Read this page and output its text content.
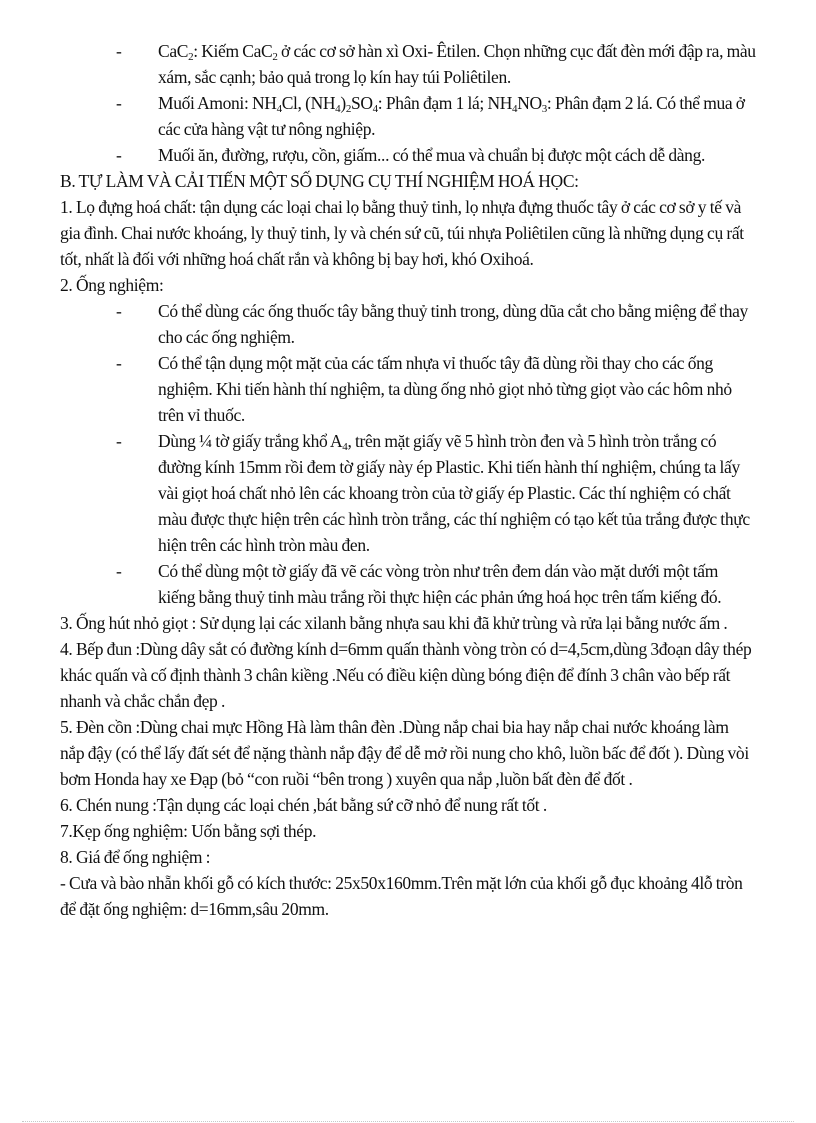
- CaC$_2$: Kiếm CaC$_2$ ở các cơ sở hàn xì Oxi- Êtilen. Chọn những cục đất đèn mới đập ra, màu xám, sắc cạnh; bảo quả trong lọ kín hay túi Poliêtilen.
- Muối Amoni: $NH_4Cl$, $(NH_4)_2SO_4$: Phân đạm 1 lá; $NH_4NO_3$: Phân đạm 2 lá. Có thể mua ở các cửa hàng vật tư nông nghiệp.
- Muối ăn, đường, rượu, cồn, giấm... có thể mua và chuẩn bị được một cách dễ dàng.
B. TỰ LÀM VÀ CẢI TIẾN MỘT SỐ DỤNG CỤ THÍ NGHIỆM HOÁ HỌC:
1. Lọ đựng hoá chất: tận dụng các loại chai lọ bằng thuỷ tinh, lọ nhựa đựng thuốc tây ở các cơ sở y tế và gia đình. Chai nước khoáng, ly thuỷ tinh, ly và chén sứ cũ, túi nhựa Poliêtilen cũng là những dụng cụ rất tốt, nhất là đối với những hoá chất rắn và không bị bay hơi, khó Oxihoá.
2. Ống nghiệm:
- Có thể dùng các ống thuốc tây bằng thuỷ tinh trong, dùng dũa cắt cho bằng miệng để thay cho các ống nghiệm.
- Có thể tận dụng một mặt của các tấm nhựa vỉ thuốc tây đã dùng rồi thay cho các ống nghiệm. Khi tiến hành thí nghiệm, ta dùng ống nhỏ giọt nhỏ từng giọt vào các hôm nhỏ trên vỉ thuốc.
- Dùng ¼ tờ giấy trắng khổ $A_4$, trên mặt giấy vẽ 5 hình tròn đen và 5 hình tròn trắng có đường kính 15mm rồi đem tờ giấy này ép Plastic. Khi tiến hành thí nghiệm, chúng ta lấy vài giọt hoá chất nhỏ lên các khoang tròn của tờ giấy ép Plastic. Các thí nghiệm có chất màu được thực hiện trên các hình tròn trắng, các thí nghiệm có tạo kết tủa trắng được thực hiện trên các hình tròn màu đen.
- Có thể dùng một tờ giấy đã vẽ các vòng tròn như trên đem dán vào mặt dưới một tấm kiếng bằng thuỷ tinh màu trắng rồi thực hiện các phản ứng hoá học trên tấm kiếng đó.
3. Ống hút nhỏ giọt : Sử dụng lại các xilanh bằng nhựa sau khi đã khử trùng và rửa lại bằng nước ấm .
4. Bếp đun :Dùng dây sắt có đường kính d=6mm quấn thành vòng tròn có d=4,5cm,dùng 3đoạn dây thép khác quấn và cố định thành 3 chân kiềng .Nếu có điều kiện dùng bóng điện để đính 3 chân vào bếp rất nhanh và chắc chắn đẹp .
5. Đèn cồn :Dùng chai mực Hồng Hà làm thân đèn .Dùng nắp chai bia hay nắp chai nước khoáng làm nắp đậy (có thể lấy đất sét để nặng thành nắp đậy để dễ mở rồi nung cho khô, luồn bấc để đốt ). Dùng vòi bơm Honda hay xe Đạp (bỏ “con ruồi “bên trong ) xuyên qua nắp ,luồn bất đèn để đốt .
6. Chén nung :Tận dụng các loại chén ,bát bằng sứ cỡ nhỏ để nung rất tốt .
7.Kẹp ống nghiệm: Uốn bằng sợi thép.
8. Giá để ống nghiệm :
- Cưa và bào nhẵn khối gỗ có kích thước: 25x50x160mm.Trên mặt lớn của khối gỗ đục khoảng 4lỗ tròn để đặt ống nghiệm: d=16mm,sâu 20mm.
